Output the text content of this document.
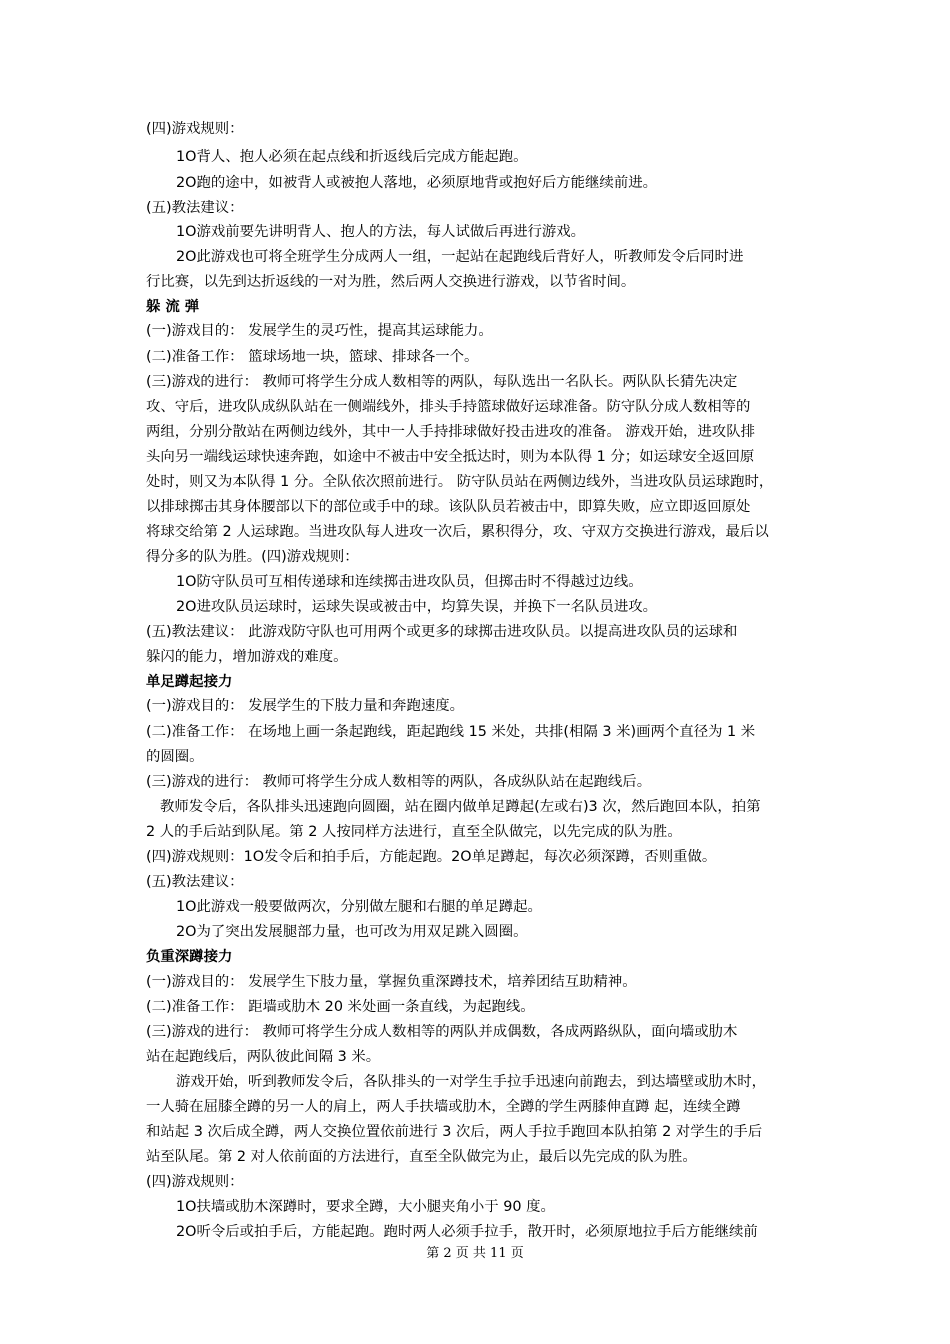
(四)游戏规则：
1O背人、抱人必须在起点线和折返线后完成方能起跑。
2O跑的途中，如被背人或被抱人落地，必须原地背或抱好后方能继续前进。
(五)教法建议：
1O游戏前要先讲明背人、抱人的方法，每人试做后再进行游戏。
2O此游戏也可将全班学生分成两人一组，一起站在起跑线后背好人，听教师发令后同时进
行比赛，以先到达折返线的一对为胜，然后两人交换进行游戏，以节省时间。
躲 流 弹
(一)游戏目的： 发展学生的灵巧性，提高其运球能力。
(二)准备工作： 篮球场地一块，篮球、排球各一个。
(三)游戏的进行： 教师可将学生分成人数相等的两队，每队选出一名队长。两队队长猜先决定
攻、守后，进攻队成纵队站在一侧端线外，排头手持篮球做好运球准备。防守队分成人数相等的
两组，分别分散站在两侧边线外，其中一人手持排球做好投击进攻的准备。 游戏开始，进攻队排
头向另一端线运球快速奔跑，如途中不被击中安全抵达时，则为本队得 1 分；如运球安全返回原
处时，则又为本队得 1 分。全队依次照前进行。 防守队员站在两侧边线外，当进攻队员运球跑时，
以排球掷击其身体腰部以下的部位或手中的球。该队队员若被击中，即算失败，应立即返回原处
将球交给第 2 人运球跑。当进攻队每人进攻一次后，累积得分，攻、守双方交换进行游戏，最后以
得分多的队为胜。(四)游戏规则：
1O防守队员可互相传递球和连续掷击进攻队员，但掷击时不得越过边线。
2O进攻队员运球时，运球失误或被击中，均算失误，并换下一名队员进攻。
(五)教法建议： 此游戏防守队也可用两个或更多的球掷击进攻队员。以提高进攻队员的运球和
躲闪的能力，增加游戏的难度。
单足蹲起接力
(一)游戏目的： 发展学生的下肢力量和奔跑速度。
(二)准备工作： 在场地上画一条起跑线，距起跑线 15 米处，共排(相隔 3 米)画两个直径为 1 米
的圆圈。
(三)游戏的进行： 教师可将学生分成人数相等的两队，各成纵队站在起跑线后。
教师发令后，各队排头迅速跑向圆圈，站在圈内做单足蹲起(左或右)3 次，然后跑回本队，拍第
2 人的手后站到队尾。第 2 人按同样方法进行，直至全队做完，以先完成的队为胜。
(四)游戏规则：1O发令后和拍手后，方能起跑。2O单足蹲起，每次必须深蹲，否则重做。
(五)教法建议：
1O此游戏一般要做两次，分别做左腿和右腿的单足蹲起。
2O为了突出发展腿部力量，也可改为用双足跳入圆圈。
负重深蹲接力
(一)游戏目的： 发展学生下肢力量，掌握负重深蹲技术，培养团结互助精神。
(二)准备工作： 距墙或肋木 20 米处画一条直线，为起跑线。
(三)游戏的进行： 教师可将学生分成人数相等的两队并成偶数，各成两路纵队，面向墙或肋木
站在起跑线后，两队彼此间隔 3 米。
游戏开始，听到教师发令后，各队排头的一对学生手拉手迅速向前跑去，到达墙壁或肋木时，
一人骑在屈膝全蹲的另一人的肩上，两人手扶墙或肋木，全蹲的学生两膝伸直蹲 起，连续全蹲
和站起 3 次后成全蹲，两人交换位置依前进行 3 次后，两人手拉手跑回本队拍第 2 对学生的手后
站至队尾。第 2 对人依前面的方法进行，直至全队做完为止，最后以先完成的队为胜。
(四)游戏规则：
1O扶墙或肋木深蹲时，要求全蹲，大小腿夹角小于 90 度。
2O听令后或拍手后，方能起跑。跑时两人必须手拉手，散开时，必须原地拉手后方能继续前
第 2 页 共 11 页
